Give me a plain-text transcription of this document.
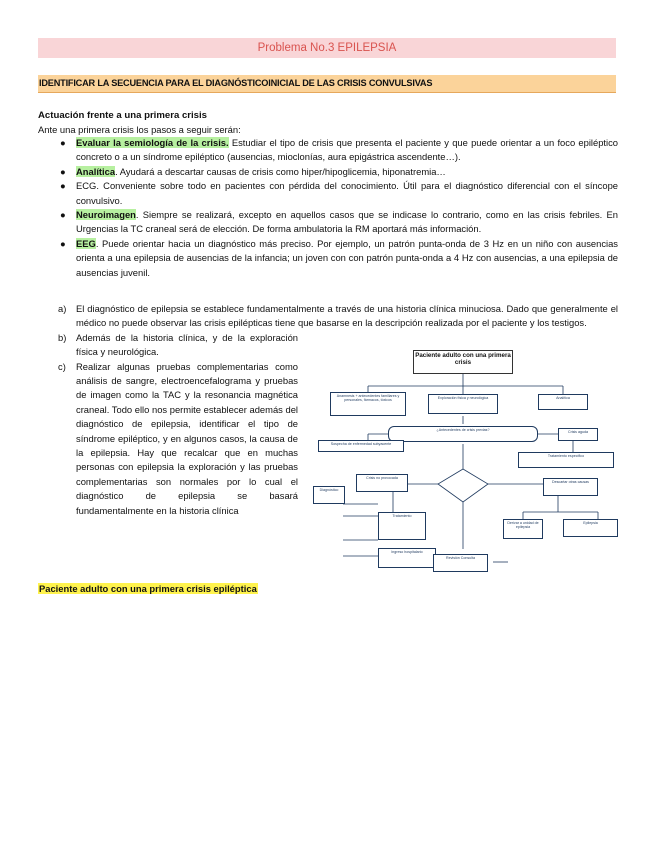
Problema No.3 EPILEPSIA
IDENTIFICAR LA SECUENCIA PARA EL DIAGNÓSTICOINICIAL DE LAS CRISIS CONVULSIVAS
Actuación frente a una primera crisis
Ante una primera crisis los pasos a seguir serán:
● Evaluar la semiología de la crisis. Estudiar el tipo de crisis que presenta el paciente y que puede orientar a un foco epiléptico concreto o a un síndrome epiléptico (ausencias, mioclonías, aura epigástrica ascendente…).
● Analítica. Ayudará a descartar causas de crisis como hiper/hipoglicemia, hiponatremia…
● ECG. Conveniente sobre todo en pacientes con pérdida del conocimiento. Útil para el diagnóstico diferencial con el síncope convulsivo.
● Neuroimagen. Siempre se realizará, excepto en aquellos casos que se indicase lo contrario, como en las crisis febriles. En Urgencias la TC craneal será de elección. De forma ambulatoria la RM aportará más información.
● EEG. Puede orientar hacia un diagnóstico más preciso. Por ejemplo, un patrón punta-onda de 3 Hz en un niño con ausencias orienta a una epilepsia de ausencias de la infancia; un joven con con patrón punta-onda a 4 Hz con ausencias, a una epilepsia de ausencias juvenil.
a) El diagnóstico de epilepsia se establece fundamentalmente a través de una historia clínica minuciosa. Dado que generalmente el médico no puede observar las crisis epilépticas tiene que basarse en la descripción realizada por el paciente y los testigos.
b) Además de la historia clínica, y de la exploración física y neurológica.
c) Realizar algunas pruebas complementarias como análisis de sangre, electroencefalograma y pruebas de imagen como la TAC y la resonancia magnética craneal. Todo ello nos permite establecer además del diagnóstico de epilepsia, identificar el tipo de síndrome epiléptico, y en algunos casos, la causa de la epilepsia. Hay que recalcar que en muchas personas con epilepsia la exploración y las pruebas complementarias son normales por lo cual el diagnóstico de epilepsia se basará fundamentalmente en la historia clínica
Paciente adulto con una primera crisis
Anamnesis + antecedentes familiares y personales, fármacos, tóxicos
Exploración física y neurológica	Analítica
¿Antecedentes de crisis previas?	Crisis aguda
Sospecha de enfermedad subyacente
Tratamiento específico
Crisis no provocada
Descartar otras causas
Diagnóstico
Tratamiento
Derivar a unidad de epilepsia
Epilepsia
Ingreso hospitalario
Revisión Consulta
Paciente adulto con una primera crisis epiléptica
